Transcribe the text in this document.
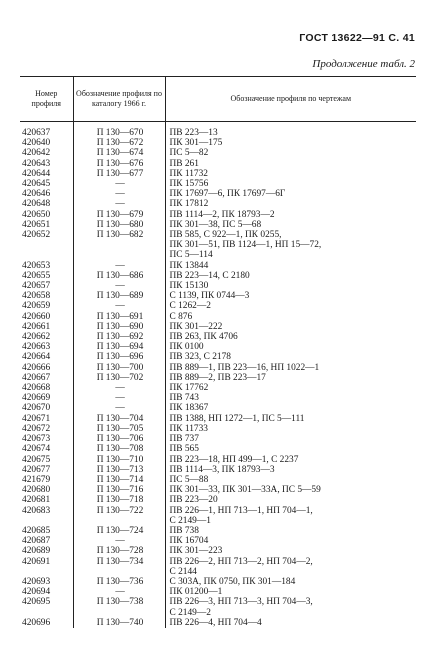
ГОСТ 13622—91 С. 41
Продолжение табл. 2
Номер профиля	Обозначение профиля по каталогу 1966 г.	Обозначение профиля по чертежам
420637	П 130—670	ПВ 223—13
420640	П 130—672	ПК 301—175
420642	П 130—674	ПС 5—82
420643	П 130—676	ПВ 261
420644	П 130—677	ПК 11732
420645	—	ПК 15756
420646	—	ПК 17697—6, ПК 17697—6Г
420648	—	ПК 17812
420650	П 130—679	ПВ 1114—2, ПК 18793—2
420651	П 130—680	ПК 301—38, ПС 5—68
420652	П 130—682	ПВ 585, С 922—1, ПК 0255,
		ПК 301—51, ПВ 1124—1, НП 15—72,
		ПС 5—114
420653	—	ПК 13844
420655	П 130—686	ПВ 223—14, С 2180
420657	—	ПК 15130
420658	П 130—689	С 1139, ПК 0744—3
420659	—	С 1262—2
420660	П 130—691	С 876
420661	П 130—690	ПК 301—222
420662	П 130—692	ПВ 263, ПК 4706
420663	П 130—694	ПК 0100
420664	П 130—696	ПВ 323, С 2178
420666	П 130—700	ПВ 889—1, ПВ 223—16, НП 1022—1
420667	П 130—702	ПВ 889—2, ПВ 223—17
420668	—	ПК 17762
420669	—	ПВ 743
420670	—	ПК 18367
420671	П 130—704	ПВ 1388, НП 1272—1, ПС 5—111
420672	П 130—705	ПК 11733
420673	П 130—706	ПВ 737
420674	П 130—708	ПВ 565
420675	П 130—710	ПВ 223—18, НП 499—1, С 2237
420677	П 130—713	ПВ 1114—3, ПК 18793—3
421679	П 130—714	ПС 5—88
420680	П 130—716	ПК 301—33, ПК 301—33А, ПС 5—59
420681	П 130—718	ПВ 223—20
420683	П 130—722	ПВ 226—1, НП 713—1, НП 704—1,
		С 2149—1
420685	П 130—724	ПВ 738
420687	—	ПК 16704
420689	П 130—728	ПК 301—223
420691	П 130—734	ПВ 226—2, НП 713—2, НП 704—2,
		С 2144
420693	П 130—736	С 303А, ПК 0750, ПК 301—184
420694	—	ПК 01200—1
420695	П 130—738	ПВ 226—3, НП 713—3, НП 704—3,
		С 2149—2
420696	П 130—740	ПВ 226—4, НП 704—4
